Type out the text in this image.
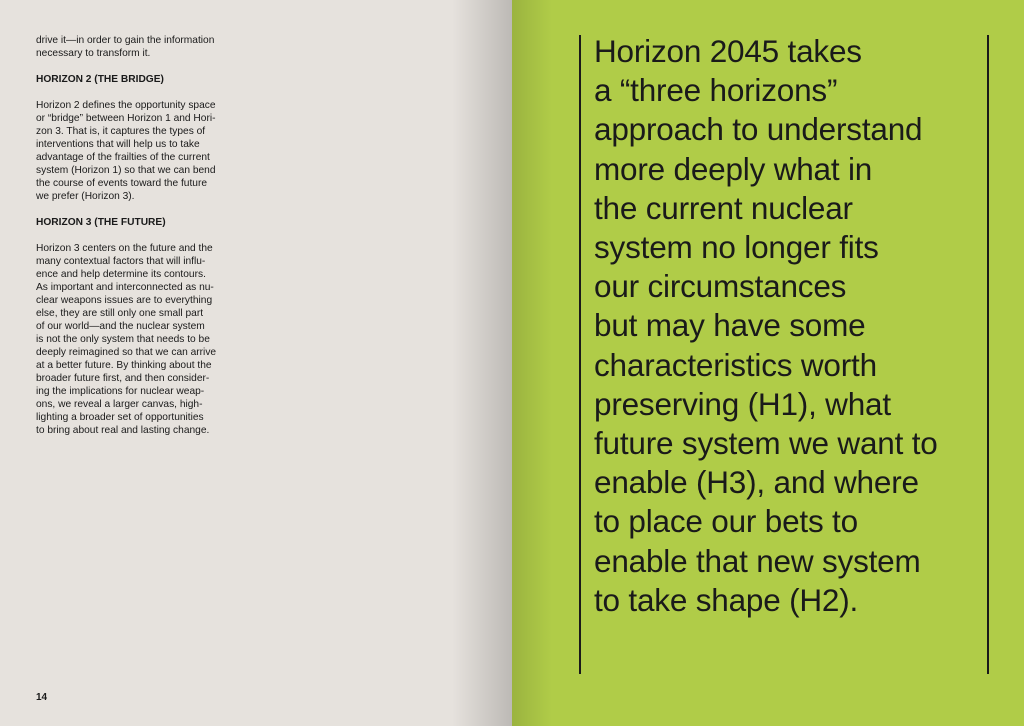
drive it—in order to gain the information
necessary to transform it.

HORIZON 2 (THE BRIDGE)

Horizon 2 defines the opportunity space
or “bridge” between Horizon 1 and Hori-
zon 3. That is, it captures the types of
interventions that will help us to take
advantage of the frailties of the current
system (Horizon 1) so that we can bend
the course of events toward the future
we prefer (Horizon 3).

HORIZON 3 (THE FUTURE)

Horizon 3 centers on the future and the
many contextual factors that will influ-
ence and help determine its contours.
As important and interconnected as nu-
clear weapons issues are to everything
else, they are still only one small part
of our world—and the nuclear system
is not the only system that needs to be
deeply reimagined so that we can arrive
at a better future. By thinking about the
broader future first, and then consider-
ing the implications for nuclear weap-
ons, we reveal a larger canvas, high-
lighting a broader set of opportunities
to bring about real and lasting change.

14
Horizon 2045 takes
a “three horizons”
approach to understand
more deeply what in
the current nuclear
system no longer fits
our circumstances
but may have some
characteristics worth
preserving (H1), what
future system we want to
enable (H3), and where
to place our bets to
enable that new system
to take shape (H2).
